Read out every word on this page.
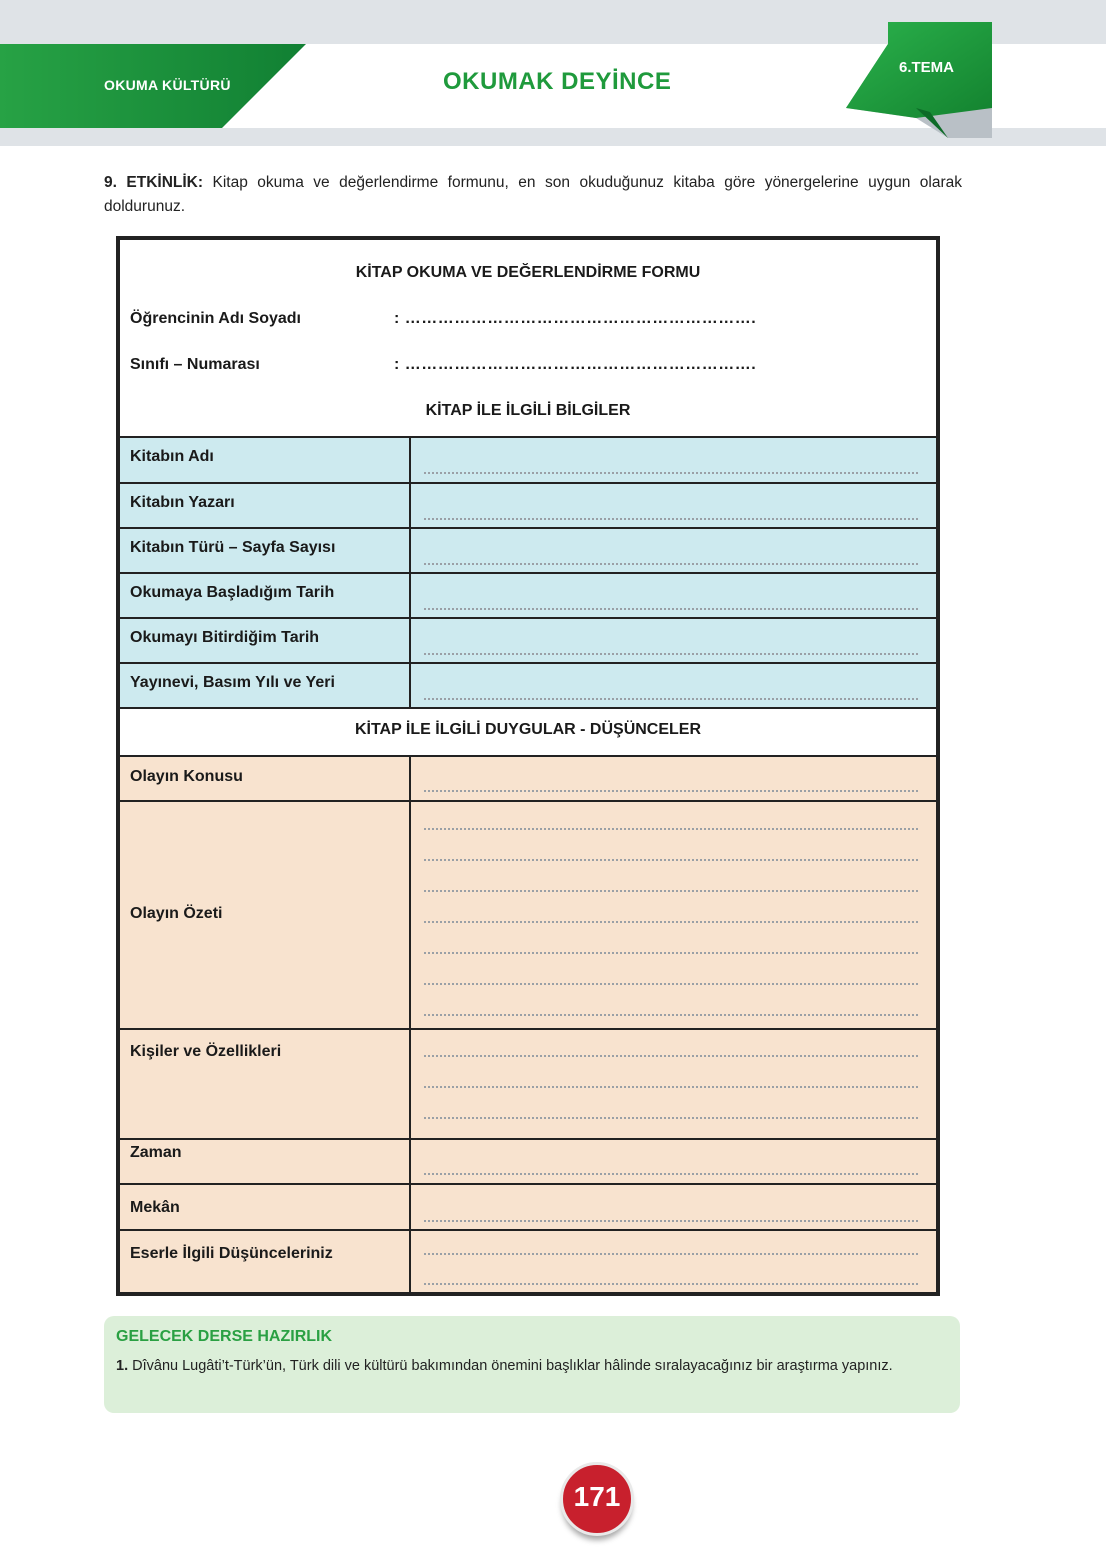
OKUMA KÜLTÜRÜ	OKUMAK DEYİNCE
6.TEMA
9. ETKİNLİK: Kitap okuma ve değerlendirme formunu, en son okuduğunuz kitaba göre yönergelerine uygun olarak doldurunuz.
KİTAP OKUMA VE DEĞERLENDİRME FORMU
Öğrencinin Adı Soyadı	: ……………………………………………………….
Sınıfı – Numarası	: ……………………………………………………….
KİTAP İLE İLGİLİ BİLGİLER
Kitabın Adı
Kitabın Yazarı
Kitabın Türü – Sayfa Sayısı
Okumaya Başladığım Tarih
Okumayı Bitirdiğim Tarih
Yayınevi, Basım Yılı ve Yeri
KİTAP İLE İLGİLİ DUYGULAR - DÜŞÜNCELER
Olayın Konusu
Olayın Özeti
Kişiler ve Özellikleri
Zaman
Mekân
Eserle İlgili Düşünceleriniz
GELECEK DERSE HAZIRLIK
1. Dîvânu Lugâti’t-Türk’ün, Türk dili ve kültürü bakımından önemini başlıklar hâlinde sıralayacağınız bir araştırma yapınız.
171
